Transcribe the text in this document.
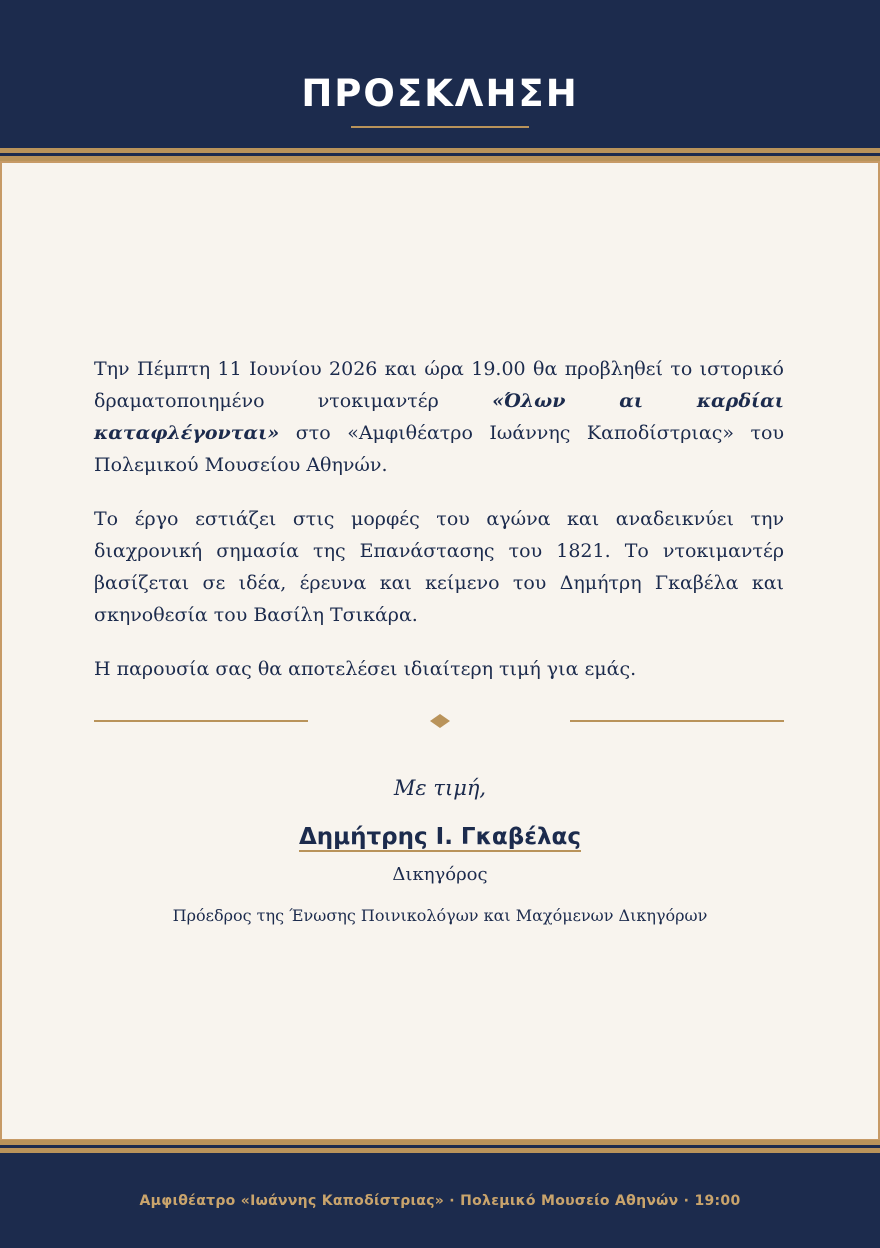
ΠΡΟΣΚΛΗΣΗ

Την Πέμπτη 11 Ιουνίου 2026 και ώρα 19.00 θα προβληθεί το ιστορικό δραματοποιημένο ντοκιμαντέρ «Όλων αι καρδίαι καταφλέγονται» στο «Αμφιθέατρο Ιωάννης Καποδίστριας» του Πολεμικού Μουσείου Αθηνών.

Το έργο εστιάζει στις μορφές του αγώνα και αναδεικνύει την διαχρονική σημασία της Επανάστασης του 1821. Το ντοκιμαντέρ βασίζεται σε ιδέα, έρευνα και κείμενο του Δημήτρη Γκαβέλα και σκηνοθεσία του Βασίλη Τσικάρα.

Η παρουσία σας θα αποτελέσει ιδιαίτερη τιμή για εμάς.

Με τιμή,
Δημήτρης Ι. Γκαβέλας
Δικηγόρος
Πρόεδρος της Ένωσης Ποινικολόγων και Μαχόμενων Δικηγόρων
Αμφιθέατρο «Ιωάννης Καποδίστριας» · Πολεμικό Μουσείο Αθηνών · 19:00
